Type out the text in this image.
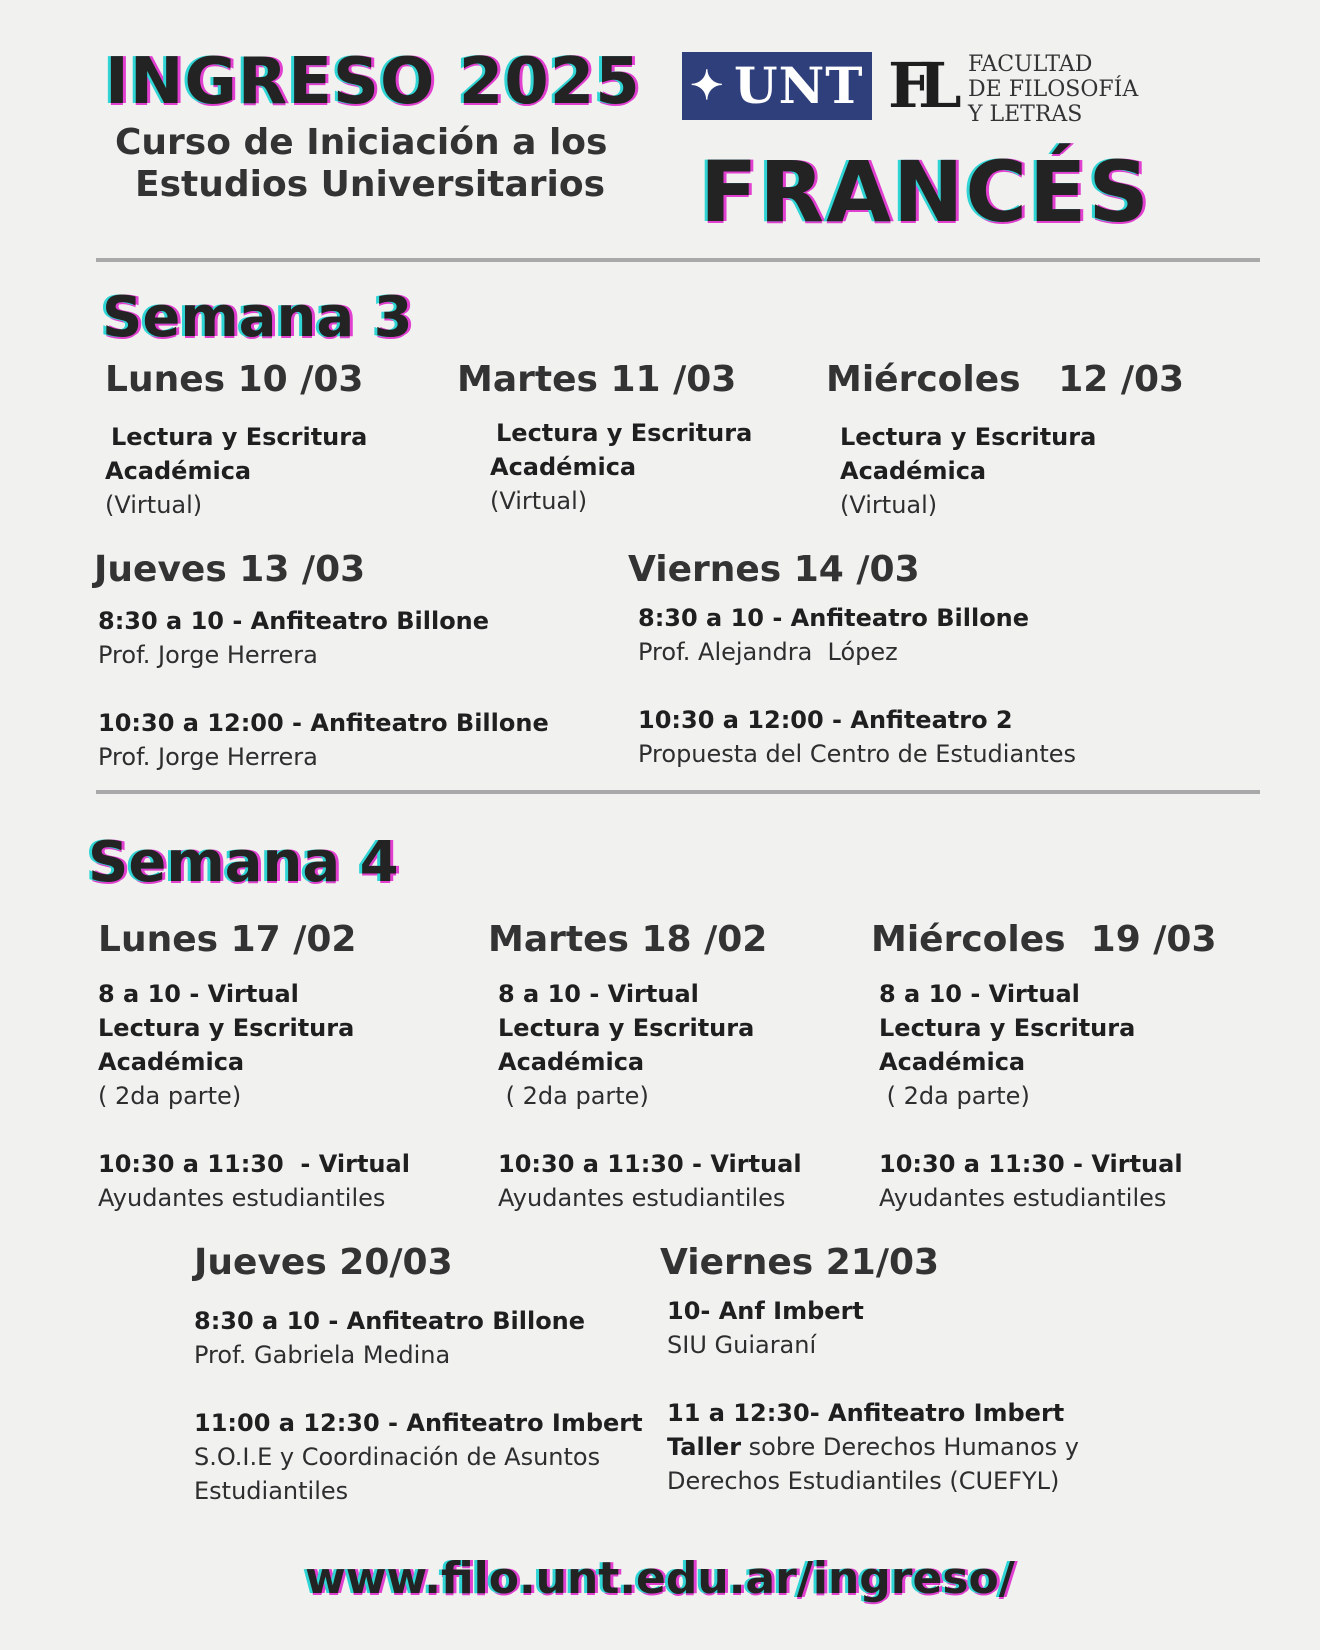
INGRESO 2025
Curso de Iniciación a los
Estudios Universitarios
✦ UNT FL FACULTAD
DE FILOSOFÍA
Y LETRAS
FRANCÉS
Semana 3
Lunes 10 /03
Lectura y Escritura
Académica
(Virtual)
Martes 11 /03
Lectura y Escritura
Académica
(Virtual)
Miércoles   12 /03
Lectura y Escritura
Académica
(Virtual)
Jueves 13 /03
8:30 a 10 - Anfiteatro Billone
Prof. Jorge Herrera
10:30 a 12:00 - Anfiteatro Billone
Prof. Jorge Herrera
Viernes 14 /03
8:30 a 10 - Anfiteatro Billone
Prof. Alejandra  López
10:30 a 12:00 - Anfiteatro 2
Propuesta del Centro de Estudiantes
Semana 4
Lunes 17 /02
8 a 10 - Virtual
Lectura y Escritura
Académica
( 2da parte)
10:30 a 11:30  - Virtual
Ayudantes estudiantiles
Martes 18 /02
8 a 10 - Virtual
Lectura y Escritura
Académica
( 2da parte)
10:30 a 11:30 - Virtual
Ayudantes estudiantiles
Miércoles  19 /03
8 a 10 - Virtual
Lectura y Escritura
Académica
( 2da parte)
10:30 a 11:30 - Virtual
Ayudantes estudiantiles
Jueves 20/03
8:30 a 10 - Anfiteatro Billone
Prof. Gabriela Medina
11:00 a 12:30 - Anfiteatro Imbert
S.O.I.E y Coordinación de Asuntos
Estudiantiles
Viernes 21/03
10- Anf Imbert
SIU Guiaraní
11 a 12:30- Anfiteatro Imbert
Taller sobre Derechos Humanos y
Derechos Estudiantiles (CUEFYL)
www.filo.unt.edu.ar/ingreso/
